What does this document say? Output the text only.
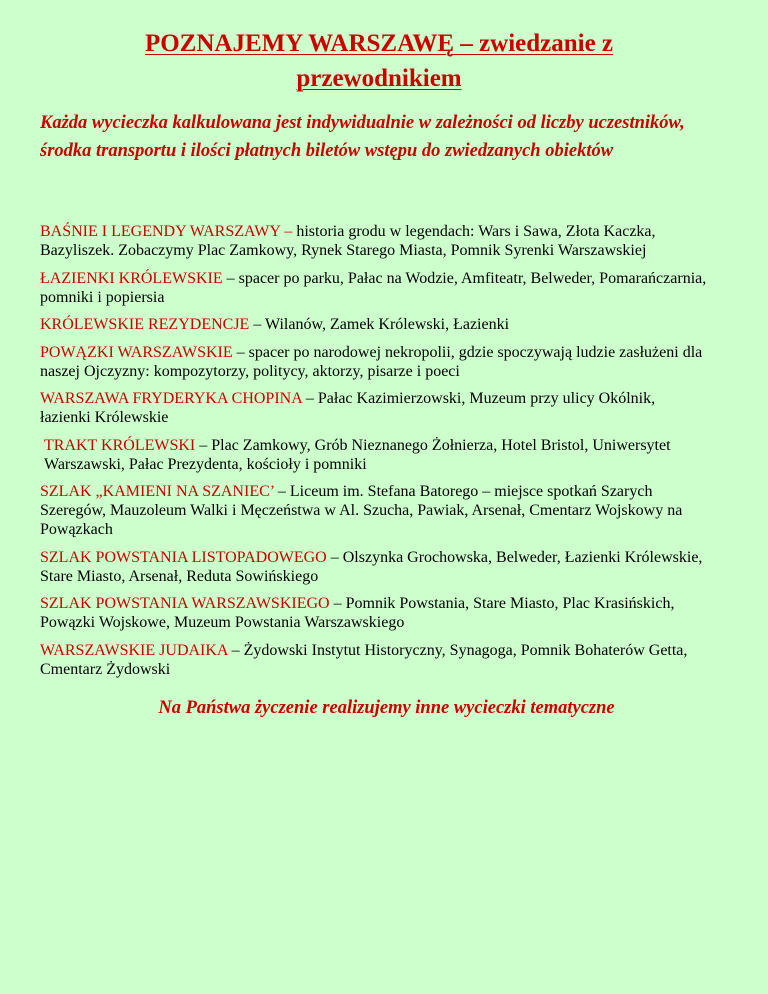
POZNAJEMY WARSZAWĘ – zwiedzanie z
przewodnikiem

Każda wycieczka kalkulowana jest indywidualnie w zależności od liczby uczestników, środka transportu i ilości płatnych biletów wstępu do zwiedzanych obiektów

BAŚNIE I LEGENDY WARSZAWY – historia grodu w legendach: Wars i Sawa, Złota Kaczka, Bazyliszek. Zobaczymy Plac Zamkowy, Rynek Starego Miasta, Pomnik Syrenki Warszawskiej

ŁAZIENKI KRÓLEWSKIE – spacer po parku, Pałac na Wodzie, Amfiteatr, Belweder, Pomarańczarnia, pomniki i popiersia

KRÓLEWSKIE REZYDENCJE – Wilanów, Zamek Królewski, Łazienki

POWĄZKI WARSZAWSKIE – spacer po narodowej nekropolii, gdzie spoczywają ludzie zasłużeni dla naszej Ojczyzny: kompozytorzy, politycy, aktorzy, pisarze i poeci

WARSZAWA FRYDERYKA CHOPINA – Pałac Kazimierzowski, Muzeum przy ulicy Okólnik, łazienki Królewskie

TRAKT KRÓLEWSKI – Plac Zamkowy, Grób Nieznanego Żołnierza, Hotel Bristol, Uniwersytet Warszawski, Pałac Prezydenta, kościoły i pomniki

SZLAK „KAMIENI NA SZANIEC’ – Liceum im. Stefana Batorego – miejsce spotkań Szarych Szeregów, Mauzoleum Walki i Męczeństwa w Al. Szucha, Pawiak, Arsenał, Cmentarz Wojskowy na Powązkach

SZLAK POWSTANIA LISTOPADOWEGO – Olszynka Grochowska, Belweder, Łazienki Królewskie, Stare Miasto, Arsenał, Reduta Sowińskiego

SZLAK POWSTANIA WARSZAWSKIEGO – Pomnik Powstania, Stare Miasto, Plac Krasińskich, Powązki Wojskowe, Muzeum Powstania Warszawskiego

WARSZAWSKIE JUDAIKA – Żydowski Instytut Historyczny, Synagoga, Pomnik Bohaterów Getta, Cmentarz Żydowski

Na Państwa życzenie realizujemy inne wycieczki tematyczne
